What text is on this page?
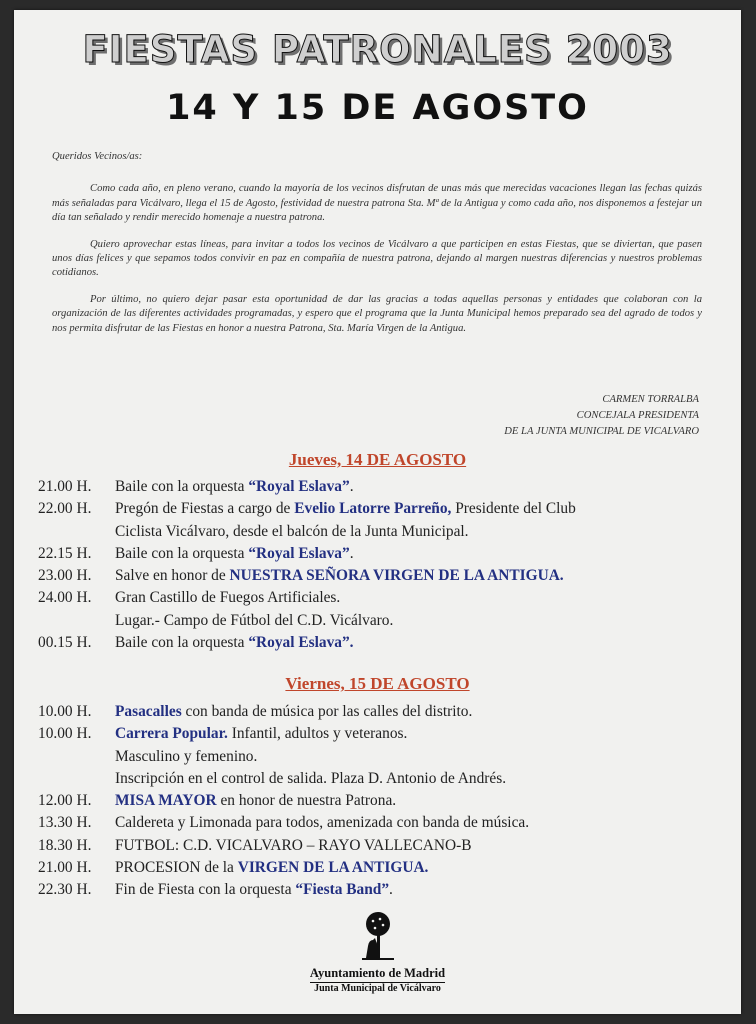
FIESTAS PATRONALES 2003
14 Y 15 DE AGOSTO

Queridos Vecinos/as:

Como cada año, en pleno verano, cuando la mayoría de los vecinos disfrutan de unas más que merecidas vacaciones llegan las fechas quizás más señaladas para Vicálvaro, llega el 15 de Agosto, festividad de nuestra patrona Sta. Mª de la Antigua y como cada año, nos disponemos a festejar un día tan señalado y rendir merecido homenaje a nuestra patrona.

Quiero aprovechar estas líneas, para invitar a todos los vecinos de Vicálvaro a que participen en estas Fiestas, que se diviertan, que pasen unos días felices y que sepamos todos convivir en paz en compañía de nuestra patrona, dejando al margen nuestras diferencias y nuestros problemas cotidianos.

Por último, no quiero dejar pasar esta oportunidad de dar las gracias a todas aquellas personas y entidades que colaboran con la organización de las diferentes actividades programadas, y espero que el programa que la Junta Municipal hemos preparado sea del agrado de todos y nos permita disfrutar de las Fiestas en honor a nuestra Patrona, Sta. María Virgen de la Antigua.

CARMEN TORRALBA
CONCEJALA PRESIDENTA
DE LA JUNTA MUNICIPAL DE VICALVARO
Jueves, 14 DE AGOSTO
21.00 H.	Baile con la orquesta “Royal Eslava”.
22.00 H.	Pregón de Fiestas a cargo de Evelio Latorre Parreño, Presidente del Club
Ciclista Vicálvaro, desde el balcón de la Junta Municipal.
22.15 H.	Baile con la orquesta “Royal Eslava”.
23.00 H.	Salve en honor de NUESTRA SEÑORA VIRGEN DE LA ANTIGUA.
24.00 H.	Gran Castillo de Fuegos Artificiales.
Lugar.- Campo de Fútbol del C.D. Vicálvaro.
00.15 H.	Baile con la orquesta “Royal Eslava”.
Viernes, 15 DE AGOSTO
10.00 H.	Pasacalles con banda de música por las calles del distrito.
10.00 H.	Carrera Popular. Infantil, adultos y veteranos.
Masculino y femenino.
Inscripción en el control de salida. Plaza D. Antonio de Andrés.
12.00 H.	MISA MAYOR en honor de nuestra Patrona.
13.30 H.	Caldereta y Limonada para todos, amenizada con banda de música.
18.30 H.	FUTBOL: C.D. VICALVARO – RAYO VALLECANO-B
21.00 H.	PROCESION de la VIRGEN DE LA ANTIGUA.
22.30 H.	Fin de Fiesta con la orquesta “Fiesta Band”.
Ayuntamiento de Madrid
Junta Municipal de Vicálvaro
